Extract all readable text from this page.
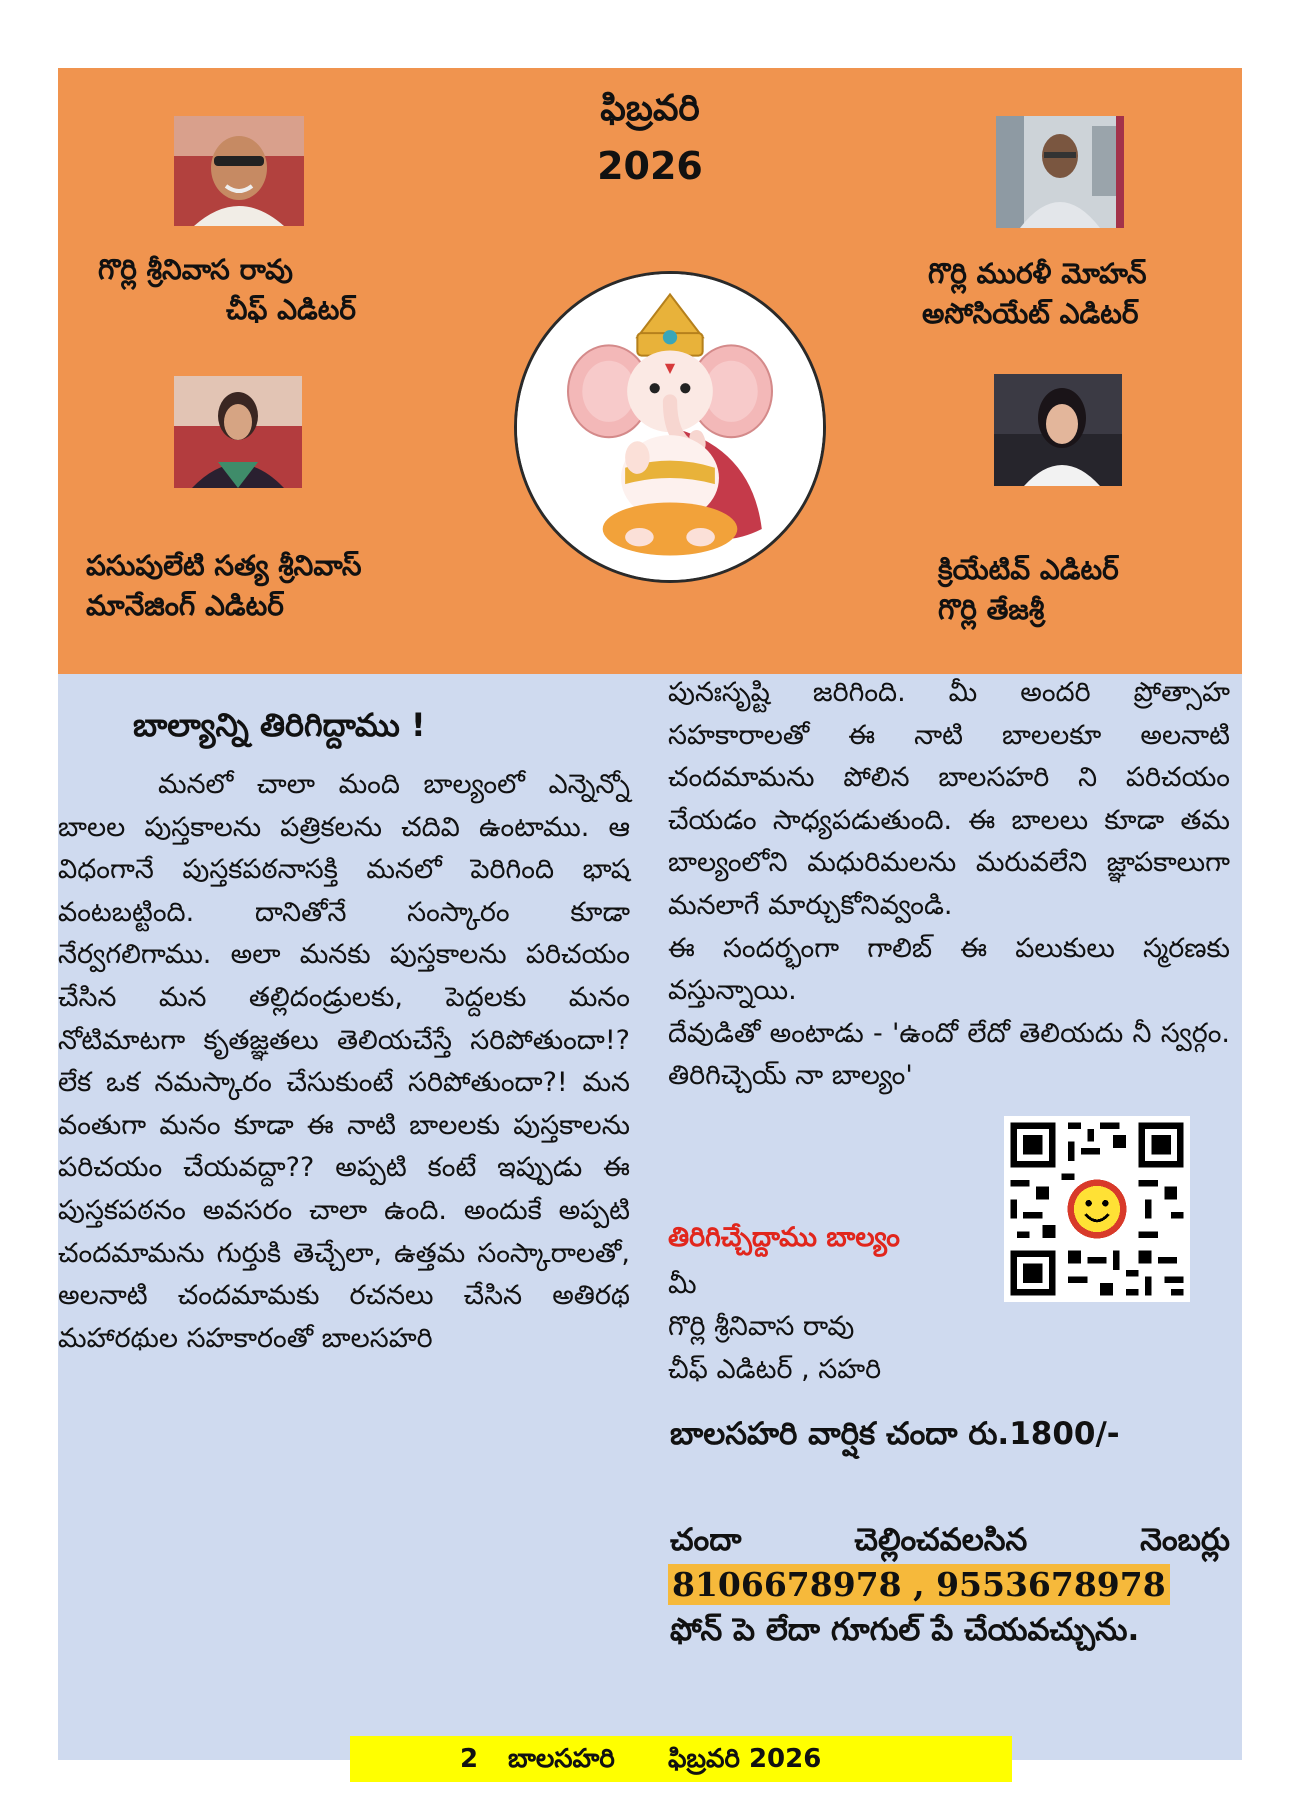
ఫిబ్రవరి
2026
గొర్లి శ్రీనివాస రావు
చీఫ్ ఎడిటర్
గొర్లి మురళీ మోహన్
అసోసియేట్ ఎడిటర్
పసుపులేటి సత్య శ్రీనివాస్
మానేజింగ్ ఎడిటర్
క్రియేటివ్ ఎడిటర్
గొర్లి తేజశ్రీ
బాల్యాన్ని తిరిగిద్దాము !
మనలో చాలా మంది బాల్యంలో ఎన్నెన్నో బాలల పుస్తకాలను పత్రికలను చదివి ఉంటాము. ఆ విధంగానే పుస్తకపఠనాసక్తి మనలో పెరిగింది భాష వంటబట్టింది. దానితోనే సంస్కారం కూడా నేర్వగలిగాము. అలా మనకు పుస్తకాలను పరిచయం చేసిన మన తల్లిదండ్రులకు, పెద్దలకు మనం నోటిమాటగా కృతజ్ఞతలు తెలియచేస్తే సరిపోతుందా!? లేక ఒక నమస్కారం చేసుకుంటే సరిపోతుందా?! మన వంతుగా మనం కూడా ఈ నాటి బాలలకు పుస్తకాలను పరిచయం చేయవద్దా?? అప్పటి కంటే ఇప్పుడు ఈ పుస్తకపఠనం అవసరం చాలా ఉంది. అందుకే అప్పటి చందమామను గుర్తుకి తెచ్చేలా, ఉత్తమ సంస్కారాలతో, అలనాటి చందమామకు రచనలు చేసిన అతిరథ మహారథుల సహకారంతో బాలసహరి

పునఃసృష్టి జరిగింది. మీ అందరి ప్రోత్సాహ సహకారాలతో ఈ నాటి బాలలకూ అలనాటి చందమామను పోలిన బాలసహరి ని పరిచయం చేయడం సాధ్యపడుతుంది. ఈ బాలలు కూడా తమ బాల్యంలోని మధురిమలను మరువలేని జ్ఞాపకాలుగా మనలాగే మార్చుకోనివ్వండి.

ఈ సందర్భంగా గాలిబ్ ఈ పలుకులు స్మరణకు వస్తున్నాయి.

దేవుడితో అంటాడు - 'ఉందో లేదో తెలియదు నీ స్వర్గం. తిరిగిచ్చెయ్ నా బాల్యం'

తిరిగిచ్చేద్దాము బాల్యం
మీ
గొర్లి శ్రీనివాస రావు
చీఫ్ ఎడిటర్ , సహరి
బాలసహరి వార్షిక చందా రు.1800/-
చందా	చెల్లించవలసిన	నెంబర్లు
8106678978 , 9553678978
ఫోన్ పె లేదా గూగుల్ పే చేయవచ్చును.
2 బాలసహరి ఫిబ్రవరి 2026
